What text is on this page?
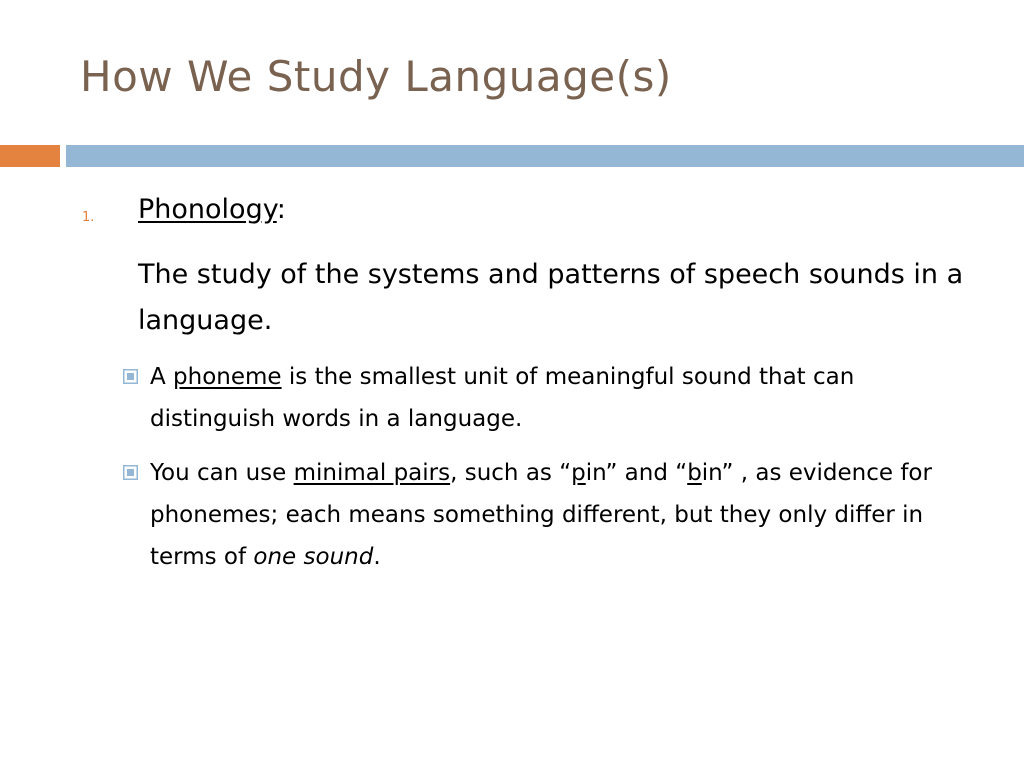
How We Study Language(s)
1. Phonology:
The study of the systems and patterns of speech sounds in a language.
A phoneme is the smallest unit of meaningful sound that can distinguish words in a language.
You can use minimal pairs, such as “pin” and “bin” , as evidence for phonemes; each means something different, but they only differ in terms of one sound.
